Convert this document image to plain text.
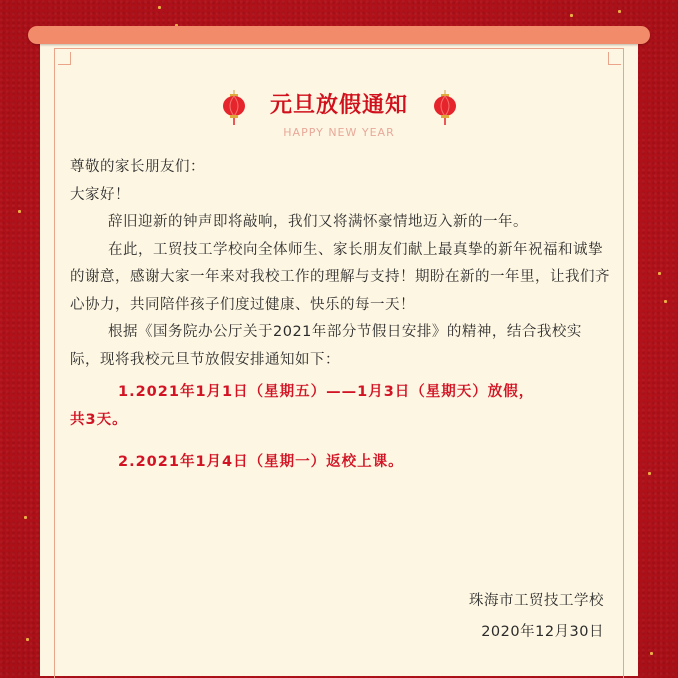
元旦放假通知
HAPPY NEW YEAR

尊敬的家长朋友们：

大家好！

辞旧迎新的钟声即将敲响，我们又将满怀豪情地迈入新的一年。

在此，工贸技工学校向全体师生、家长朋友们献上最真挚的新年祝福和诚挚的谢意，感谢大家一年来对我校工作的理解与支持！期盼在新的一年里，让我们齐心协力，共同陪伴孩子们度过健康、快乐的每一天！

根据《国务院办公厅关于2021年部分节假日安排》的精神，结合我校实际，现将我校元旦节放假安排通知如下：

1.2021年1月1日（星期五）——1月3日（星期天）放假，

共3天。

2.2021年1月4日（星期一）返校上课。

珠海市工贸技工学校
2020年12月30日
